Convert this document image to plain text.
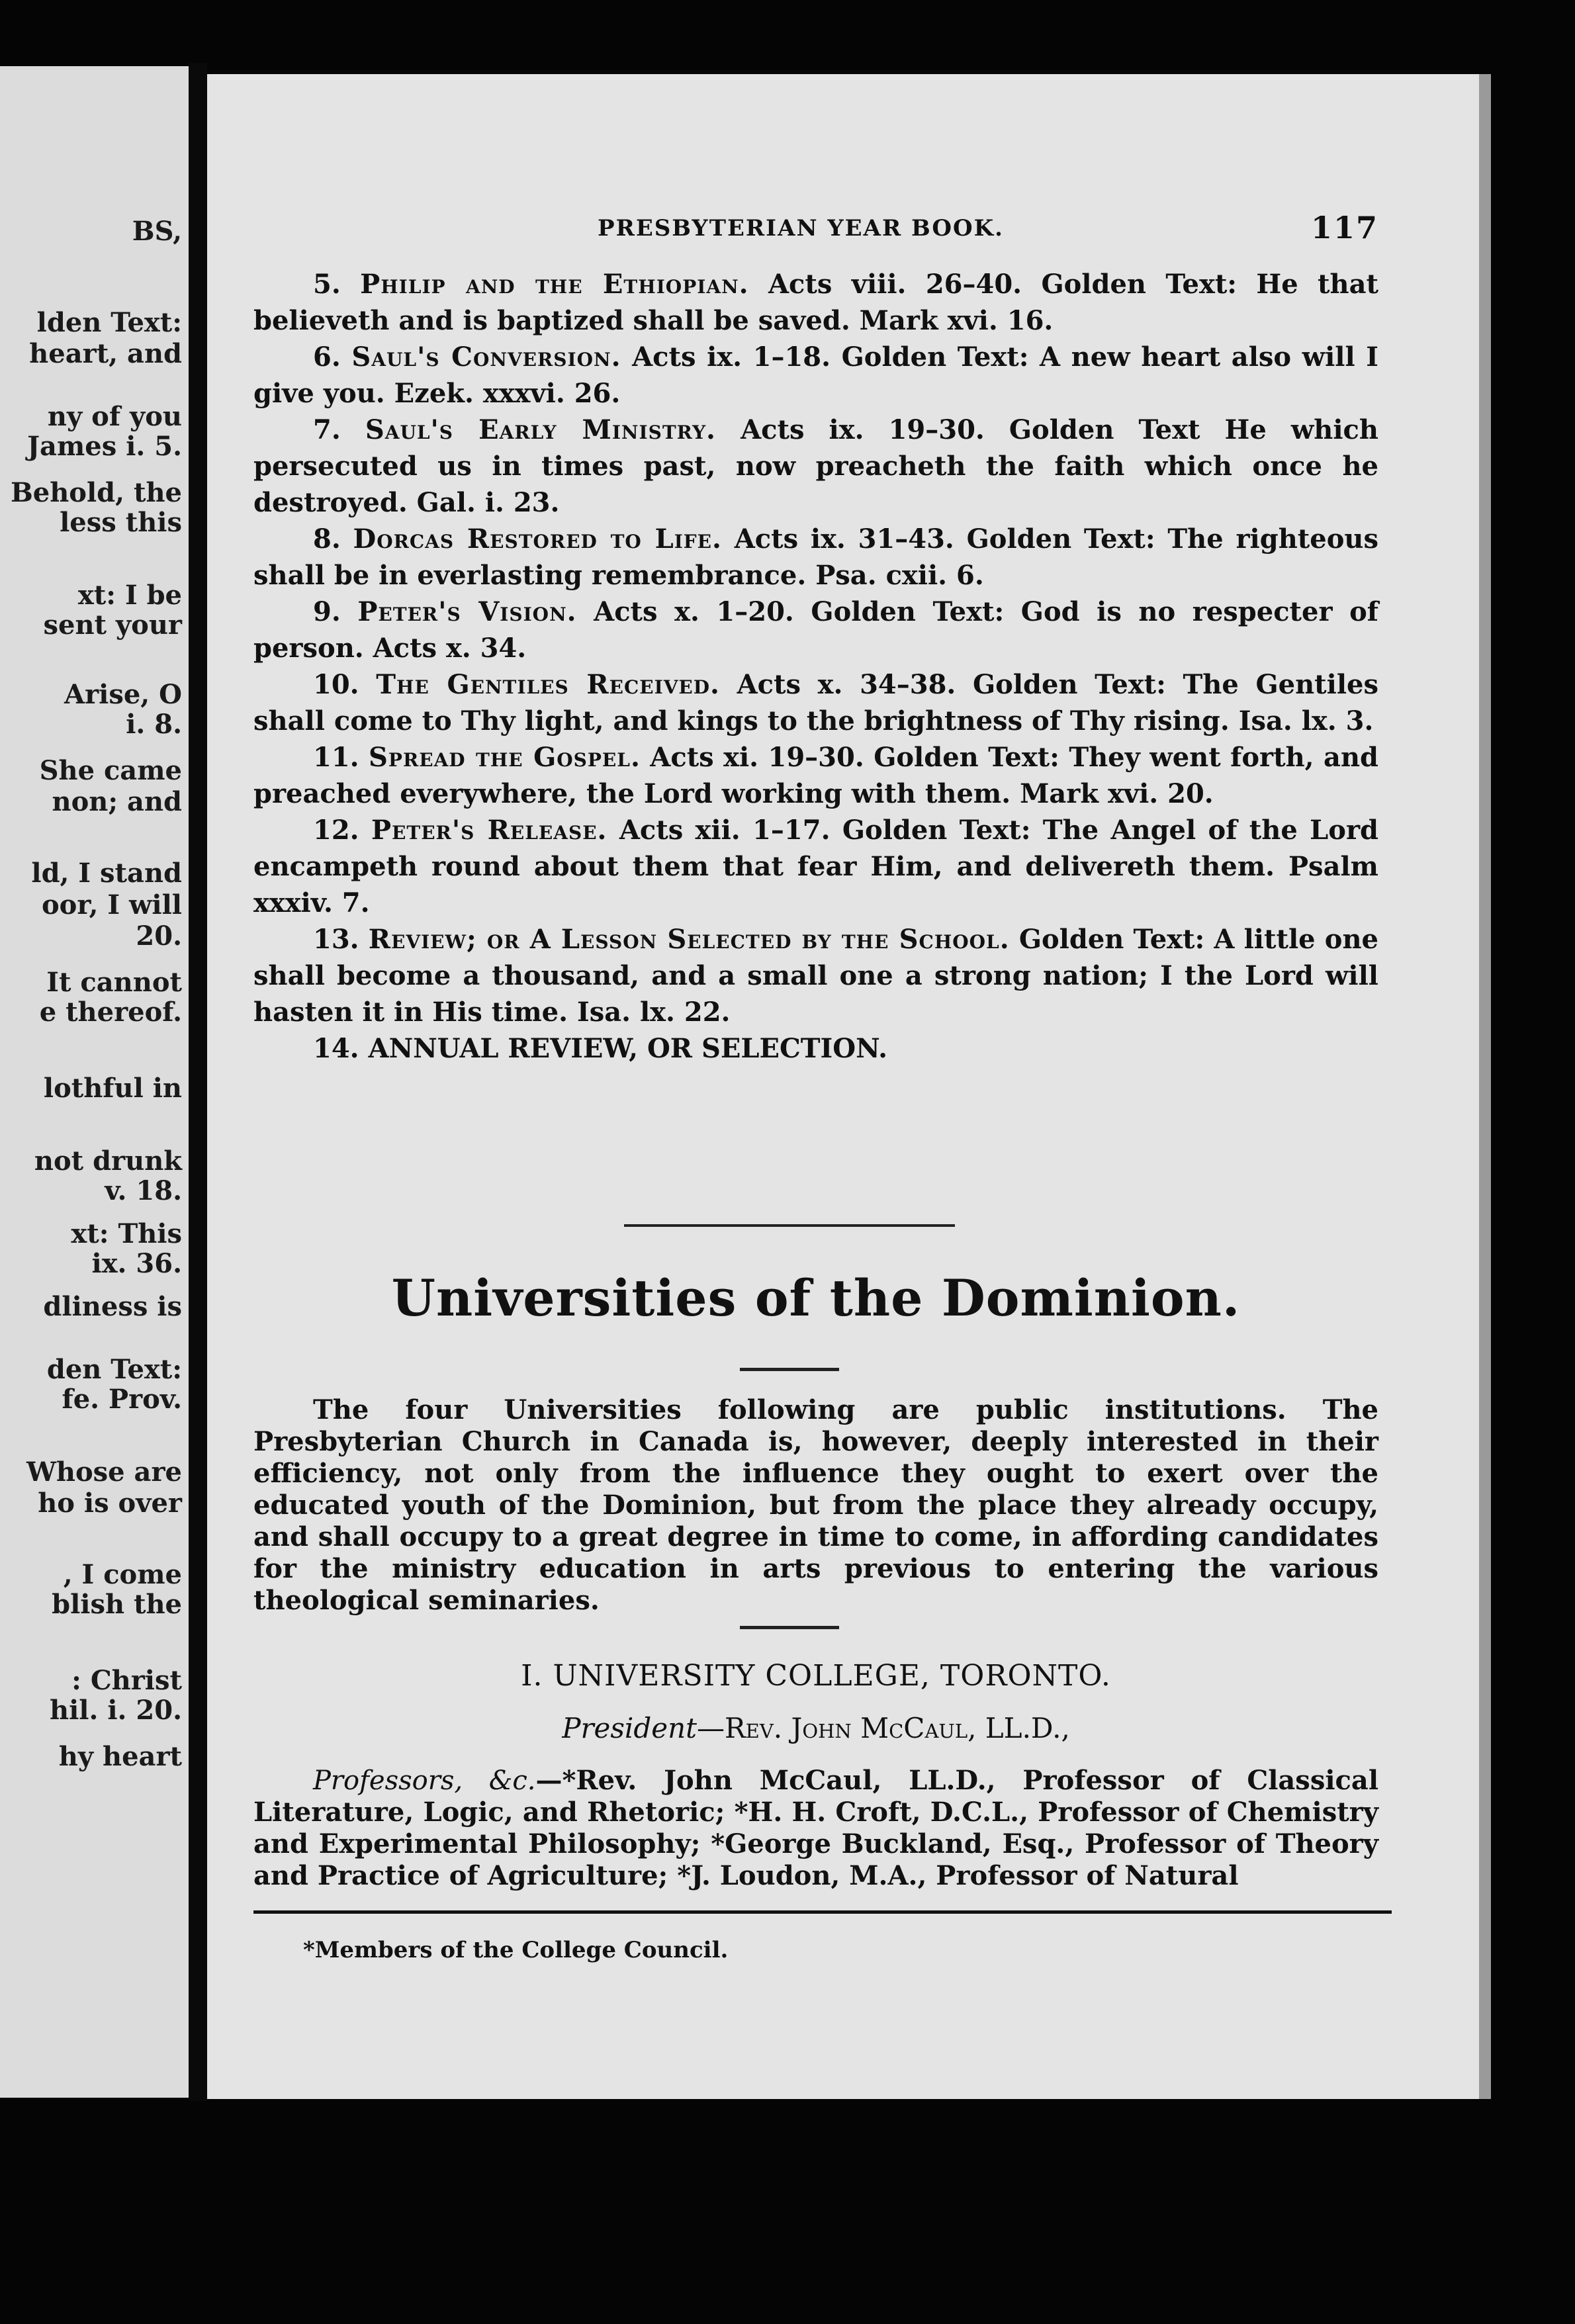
BS,
lden Text:
heart, and
ny of you
James i. 5.
Behold, the
less this
xt: I be
sent your
Arise, O
i. 8.
She came
non; and
ld, I stand
oor, I will
20.
It cannot
e thereof.
lothful in
not drunk
v. 18.
xt: This
ix. 36.
dliness is
den Text:
fe. Prov.
Whose are
ho is over
, I come
blish the
: Christ
hil. i. 20.
hy heart
PRESBYTERIAN YEAR BOOK.	117

5. Philip and the Ethiopian. Acts viii. 26–40. Golden Text: He that believeth and is baptized shall be saved. Mark xvi. 16.

6. Saul's Conversion. Acts ix. 1–18. Golden Text: A new heart also will I give you. Ezek. xxxvi. 26.

7. Saul's Early Ministry. Acts ix. 19–30. Golden Text He which persecuted us in times past, now preacheth the faith which once he destroyed. Gal. i. 23.

8. Dorcas Restored to Life. Acts ix. 31–43. Golden Text: The righteous shall be in everlasting remembrance. Psa. cxii. 6.

9. Peter's Vision. Acts x. 1–20. Golden Text: God is no respecter of person. Acts x. 34.

10. The Gentiles Received. Acts x. 34–38. Golden Text: The Gentiles shall come to Thy light, and kings to the brightness of Thy rising. Isa. lx. 3.

11. Spread the Gospel. Acts xi. 19–30. Golden Text: They went forth, and preached everywhere, the Lord working with them. Mark xvi. 20.

12. Peter's Release. Acts xii. 1–17. Golden Text: The Angel of the Lord encampeth round about them that fear Him, and delivereth them. Psalm xxxiv. 7.

13. Review; or A Lesson Selected by the School. Golden Text: A little one shall become a thousand, and a small one a strong nation; I the Lord will hasten it in His time. Isa. lx. 22.

14. ANNUAL REVIEW, OR SELECTION.

Universities of the Dominion.

The four Universities following are public institutions. The Presbyterian Church in Canada is, however, deeply interested in their efficiency, not only from the influence they ought to exert over the educated youth of the Dominion, but from the place they already occupy, and shall occupy to a great degree in time to come, in affording candidates for the ministry education in arts previous to entering the various theological seminaries.

I. UNIVERSITY COLLEGE, TORONTO.
President—Rev. John McCaul, LL.D.,

Professors, &c.—*Rev. John McCaul, LL.D., Professor of Classical Literature, Logic, and Rhetoric; *H. H. Croft, D.C.L., Professor of Chemistry and Experimental Philosophy; *George Buckland, Esq., Professor of Theory and Practice of Agriculture; *J. Loudon, M.A., Professor of Natural

*Members of the College Council.
